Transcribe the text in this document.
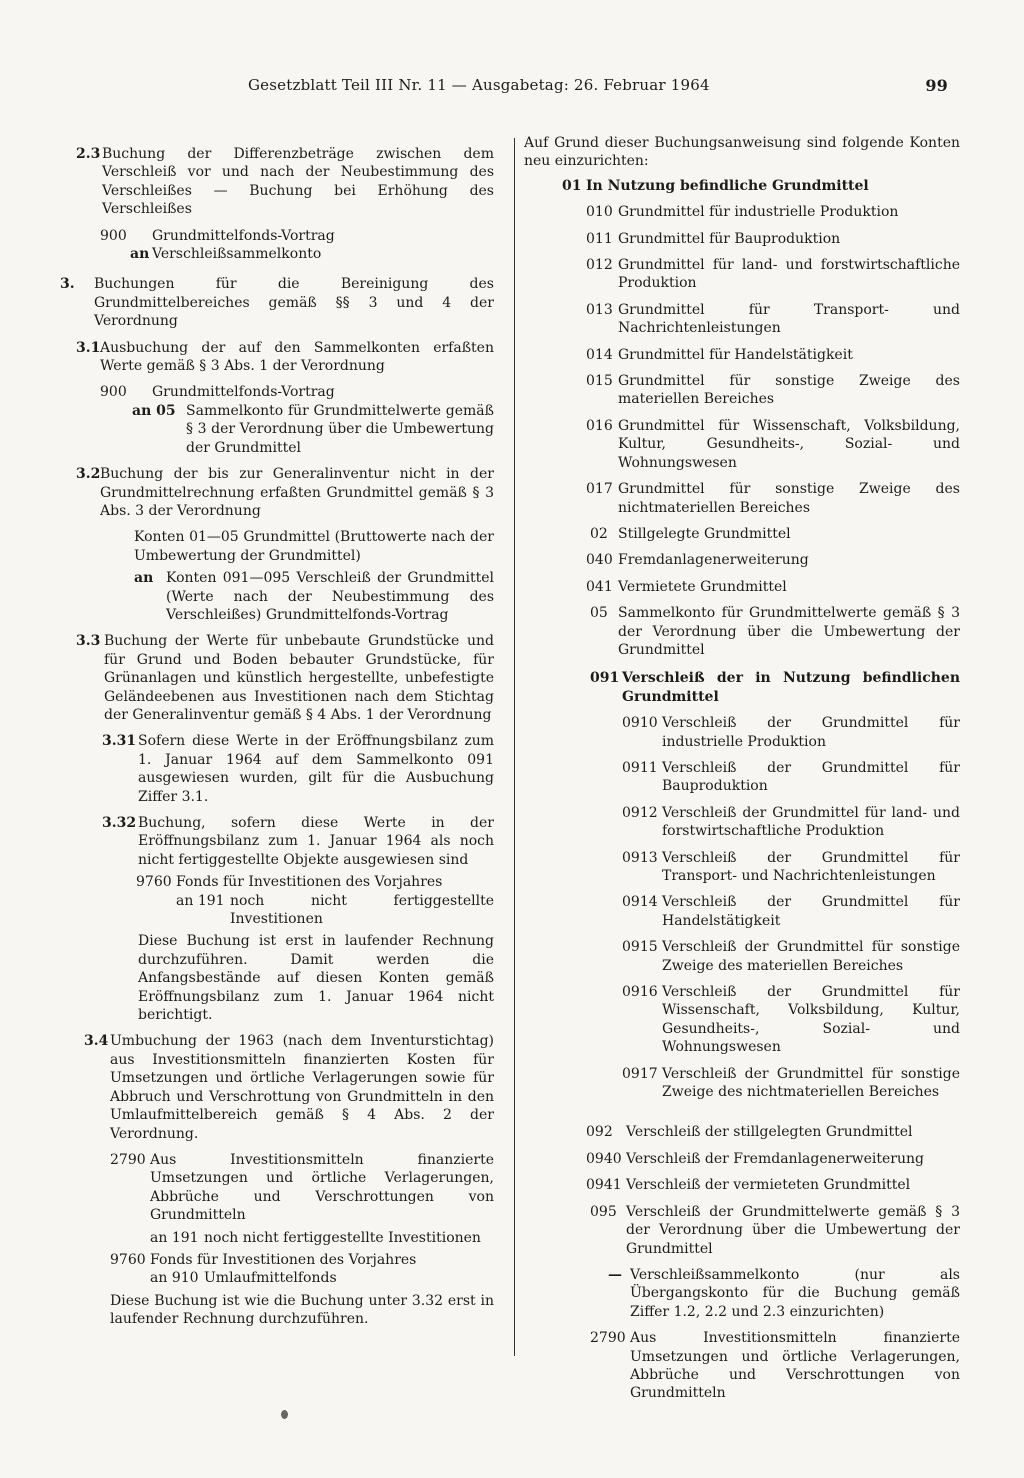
Gesetzblatt Teil III Nr. 11 — Ausgabetag: 26. Februar 1964	99
2.3 Buchung der Differenzbeträge zwischen dem Verschleiß vor und nach der Neubestimmung des Verschleißes — Buchung bei Erhöhung des Verschleißes
900 Grundmittelfonds-Vortrag
an Verschleißsammelkonto
3. Buchungen für die Bereinigung des Grundmittelbereiches gemäß §§ 3 und 4 der Verordnung
3.1 Ausbuchung der auf den Sammelkonten erfaßten Werte gemäß § 3 Abs. 1 der Verordnung
900 Grundmittelfonds-Vortrag
an 05 Sammelkonto für Grundmittelwerte gemäß § 3 der Verordnung über die Umbewertung der Grundmittel
3.2 Buchung der bis zur Generalinventur nicht in der Grundmittelrechnung erfaßten Grundmittel gemäß § 3 Abs. 3 der Verordnung
Konten 01—05 Grundmittel (Bruttowerte nach der Umbewertung der Grundmittel)
an Konten 091—095 Verschleiß der Grundmittel (Werte nach der Neubestimmung des Verschleißes) Grundmittelfonds-Vortrag
3.3 Buchung der Werte für unbebaute Grundstücke und für Grund und Boden bebauter Grundstücke, für Grünanlagen und künstlich hergestellte, unbefestigte Geländeebenen aus Investitionen nach dem Stichtag der Generalinventur gemäß § 4 Abs. 1 der Verordnung
3.31 Sofern diese Werte in der Eröffnungsbilanz zum 1. Januar 1964 auf dem Sammelkonto 091 ausgewiesen wurden, gilt für die Ausbuchung Ziffer 3.1.
3.32 Buchung, sofern diese Werte in der Eröffnungsbilanz zum 1. Januar 1964 als noch nicht fertiggestellte Objekte ausgewiesen sind
9760 Fonds für Investitionen des Vorjahres
an 191 noch nicht fertiggestellte Investitionen
Diese Buchung ist erst in laufender Rechnung durchzuführen. Damit werden die Anfangsbestände auf diesen Konten gemäß Eröffnungsbilanz zum 1. Januar 1964 nicht berichtigt.
3.4 Umbuchung der 1963 (nach dem Inventurstichtag) aus Investitionsmitteln finanzierten Kosten für Umsetzungen und örtliche Verlagerungen sowie für Abbruch und Verschrottung von Grundmitteln in den Umlaufmittelbereich gemäß § 4 Abs. 2 der Verordnung.
2790 Aus Investitionsmitteln finanzierte Umsetzungen und örtliche Verlagerungen, Abbrüche und Verschrottungen von Grundmitteln
an 191 noch nicht fertiggestellte Investitionen
9760 Fonds für Investitionen des Vorjahres
an 910 Umlaufmittelfonds
Diese Buchung ist wie die Buchung unter 3.32 erst in laufender Rechnung durchzuführen.
Auf Grund dieser Buchungsanweisung sind folgende Konten neu einzurichten:
01 In Nutzung befindliche Grundmittel
010 Grundmittel für industrielle Produktion
011 Grundmittel für Bauproduktion
012 Grundmittel für land- und forstwirtschaftliche Produktion
013 Grundmittel für Transport- und Nachrichtenleistungen
014 Grundmittel für Handelstätigkeit
015 Grundmittel für sonstige Zweige des materiellen Bereiches
016 Grundmittel für Wissenschaft, Volksbildung, Kultur, Gesundheits-, Sozial- und Wohnungswesen
017 Grundmittel für sonstige Zweige des nichtmateriellen Bereiches
02 Stillgelegte Grundmittel
040 Fremdanlagenerweiterung
041 Vermietete Grundmittel
05 Sammelkonto für Grundmittelwerte gemäß § 3 der Verordnung über die Umbewertung der Grundmittel
091 Verschleiß der in Nutzung befindlichen Grundmittel
0910 Verschleiß der Grundmittel für industrielle Produktion
0911 Verschleiß der Grundmittel für Bauproduktion
0912 Verschleiß der Grundmittel für land- und forstwirtschaftliche Produktion
0913 Verschleiß der Grundmittel für Transport- und Nachrichtenleistungen
0914 Verschleiß der Grundmittel für Handelstätigkeit
0915 Verschleiß der Grundmittel für sonstige Zweige des materiellen Bereiches
0916 Verschleiß der Grundmittel für Wissenschaft, Volksbildung, Kultur, Gesundheits-, Sozial- und Wohnungswesen
0917 Verschleiß der Grundmittel für sonstige Zweige des nichtmateriellen Bereiches
092 Verschleiß der stillgelegten Grundmittel
0940 Verschleiß der Fremdanlagenerweiterung
0941 Verschleiß der vermieteten Grundmittel
095 Verschleiß der Grundmittelwerte gemäß § 3 der Verordnung über die Umbewertung der Grundmittel
— Verschleißsammelkonto (nur als Übergangskonto für die Buchung gemäß Ziffer 1.2, 2.2 und 2.3 einzurichten)
2790 Aus Investitionsmitteln finanzierte Umsetzungen und örtliche Verlagerungen, Abbrüche und Verschrottungen von Grundmitteln
